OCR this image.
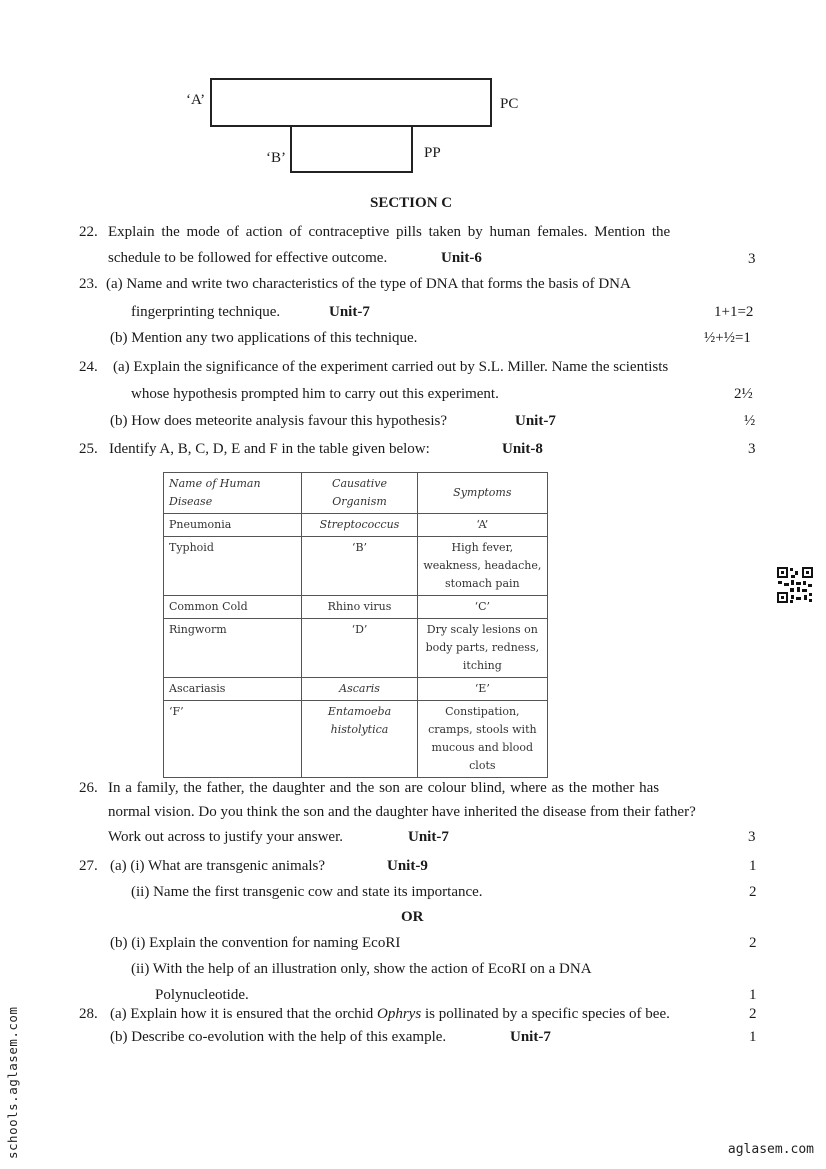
‘A’	PC
‘B’	PP
SECTION C
22. Explain the mode of action of contraceptive pills taken by human females. Mention the
schedule to be followed for effective outcome.	Unit-6	3
23. (a) Name and write two characteristics of the type of DNA that forms the basis of DNA
fingerprinting technique.	Unit-7	1+1=2
(b) Mention any two applications of this technique.	½+½=1
24. (a) Explain the significance of the experiment carried out by S.L. Miller. Name the scientists
whose hypothesis prompted him to carry out this experiment.	2½
(b) How does meteorite analysis favour this hypothesis?	Unit-7	½
25. Identify A, B, C, D, E and F in the table given below:	Unit-8	3
Name of Human Disease	Causative Organism	Symptoms
Pneumonia	Streptococcus	‘A’
Typhoid	‘B’	High fever, weakness, headache, stomach pain
Common Cold	Rhino virus	‘C’
Ringworm	‘D’	Dry scaly lesions on body parts, redness, itching
Ascariasis	Ascaris	‘E’
‘F’	Entamoeba histolytica	Constipation, cramps, stools with mucous and blood clots
26. In a family, the father, the daughter and the son are colour blind, where as the mother has
normal vision. Do you think the son and the daughter have inherited the disease from their father?
Work out across to justify your answer.	Unit-7	3
27. (a) (i) What are transgenic animals?	Unit-9	1
(ii) Name the first transgenic cow and state its importance.	2
OR
(b) (i) Explain the convention for naming EcoRI	2
(ii) With the help of an illustration only, show the action of EcoRI on a DNA
Polynucleotide.	1
28. (a) Explain how it is ensured that the orchid Ophrys is pollinated by a specific species of bee.	2
(b) Describe co-evolution with the help of this example.	Unit-7	1
schools.aglasem.com	aglasem.com
